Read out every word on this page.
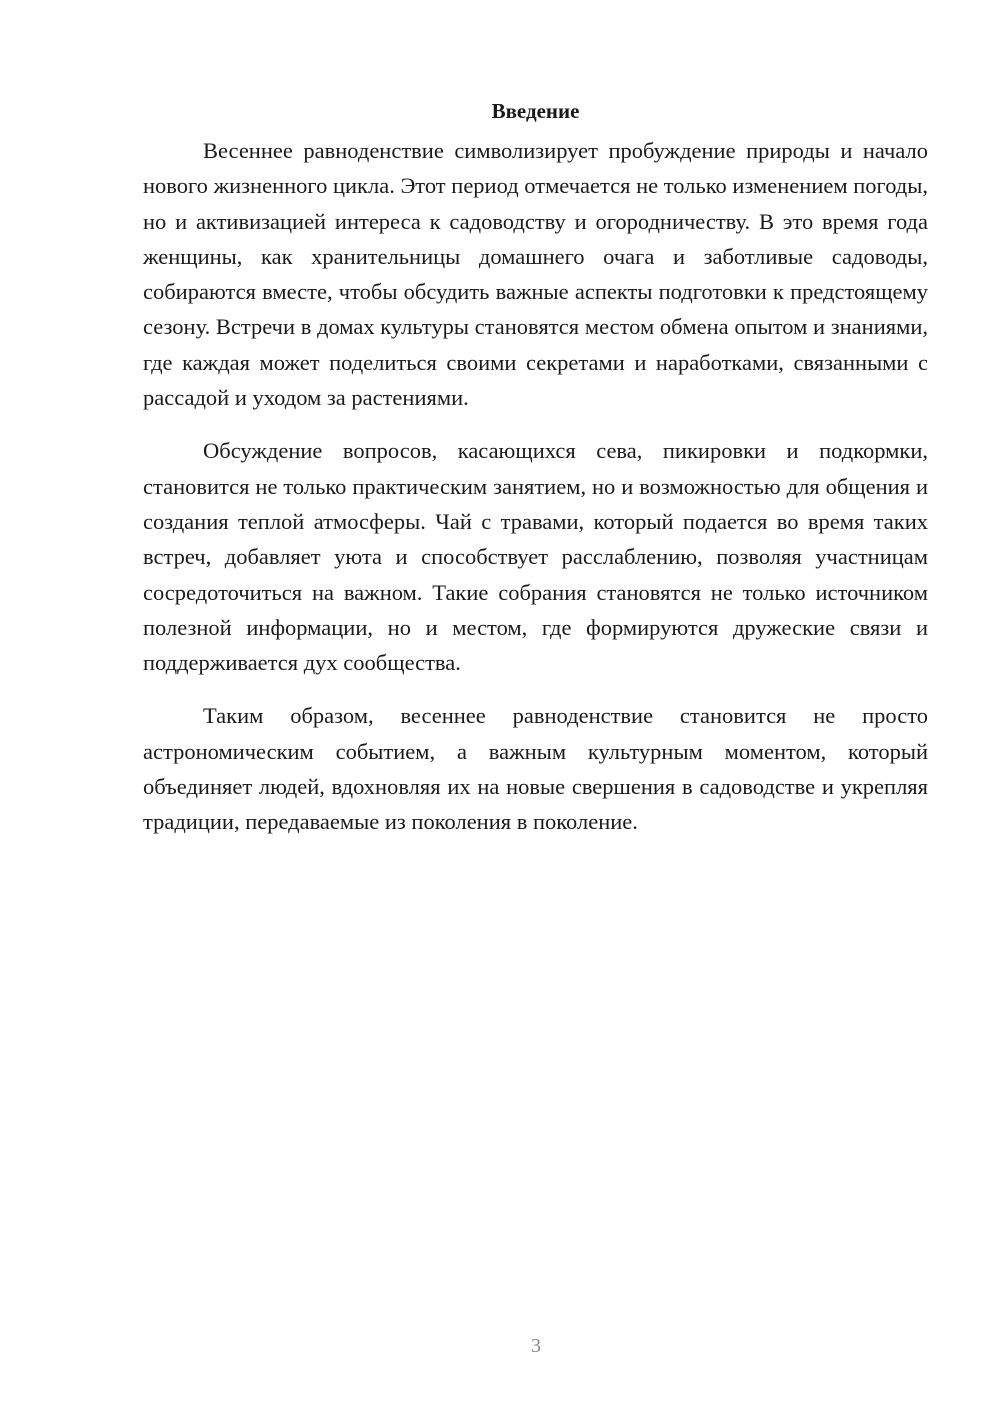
Введение

Весеннее равноденствие символизирует пробуждение природы и начало нового жизненного цикла. Этот период отмечается не только изменением погоды, но и активизацией интереса к садоводству и огородничеству. В это время года женщины, как хранительницы домашнего очага и заботливые садоводы, собираются вместе, чтобы обсудить важные аспекты подготовки к предстоящему сезону. Встречи в домах культуры становятся местом обмена опытом и знаниями, где каждая может поделиться своими секретами и наработками, связанными с рассадой и уходом за растениями.

Обсуждение вопросов, касающихся сева, пикировки и подкормки, становится не только практическим занятием, но и возможностью для общения и создания теплой атмосферы. Чай с травами, который подается во время таких встреч, добавляет уюта и способствует расслаблению, позволяя участницам сосредоточиться на важном. Такие собрания становятся не только источником полезной информации, но и местом, где формируются дружеские связи и поддерживается дух сообщества.

Таким образом, весеннее равноденствие становится не просто астрономическим событием, а важным культурным моментом, который объединяет людей, вдохновляя их на новые свершения в садоводстве и укрепляя традиции, передаваемые из поколения в поколение.

3
